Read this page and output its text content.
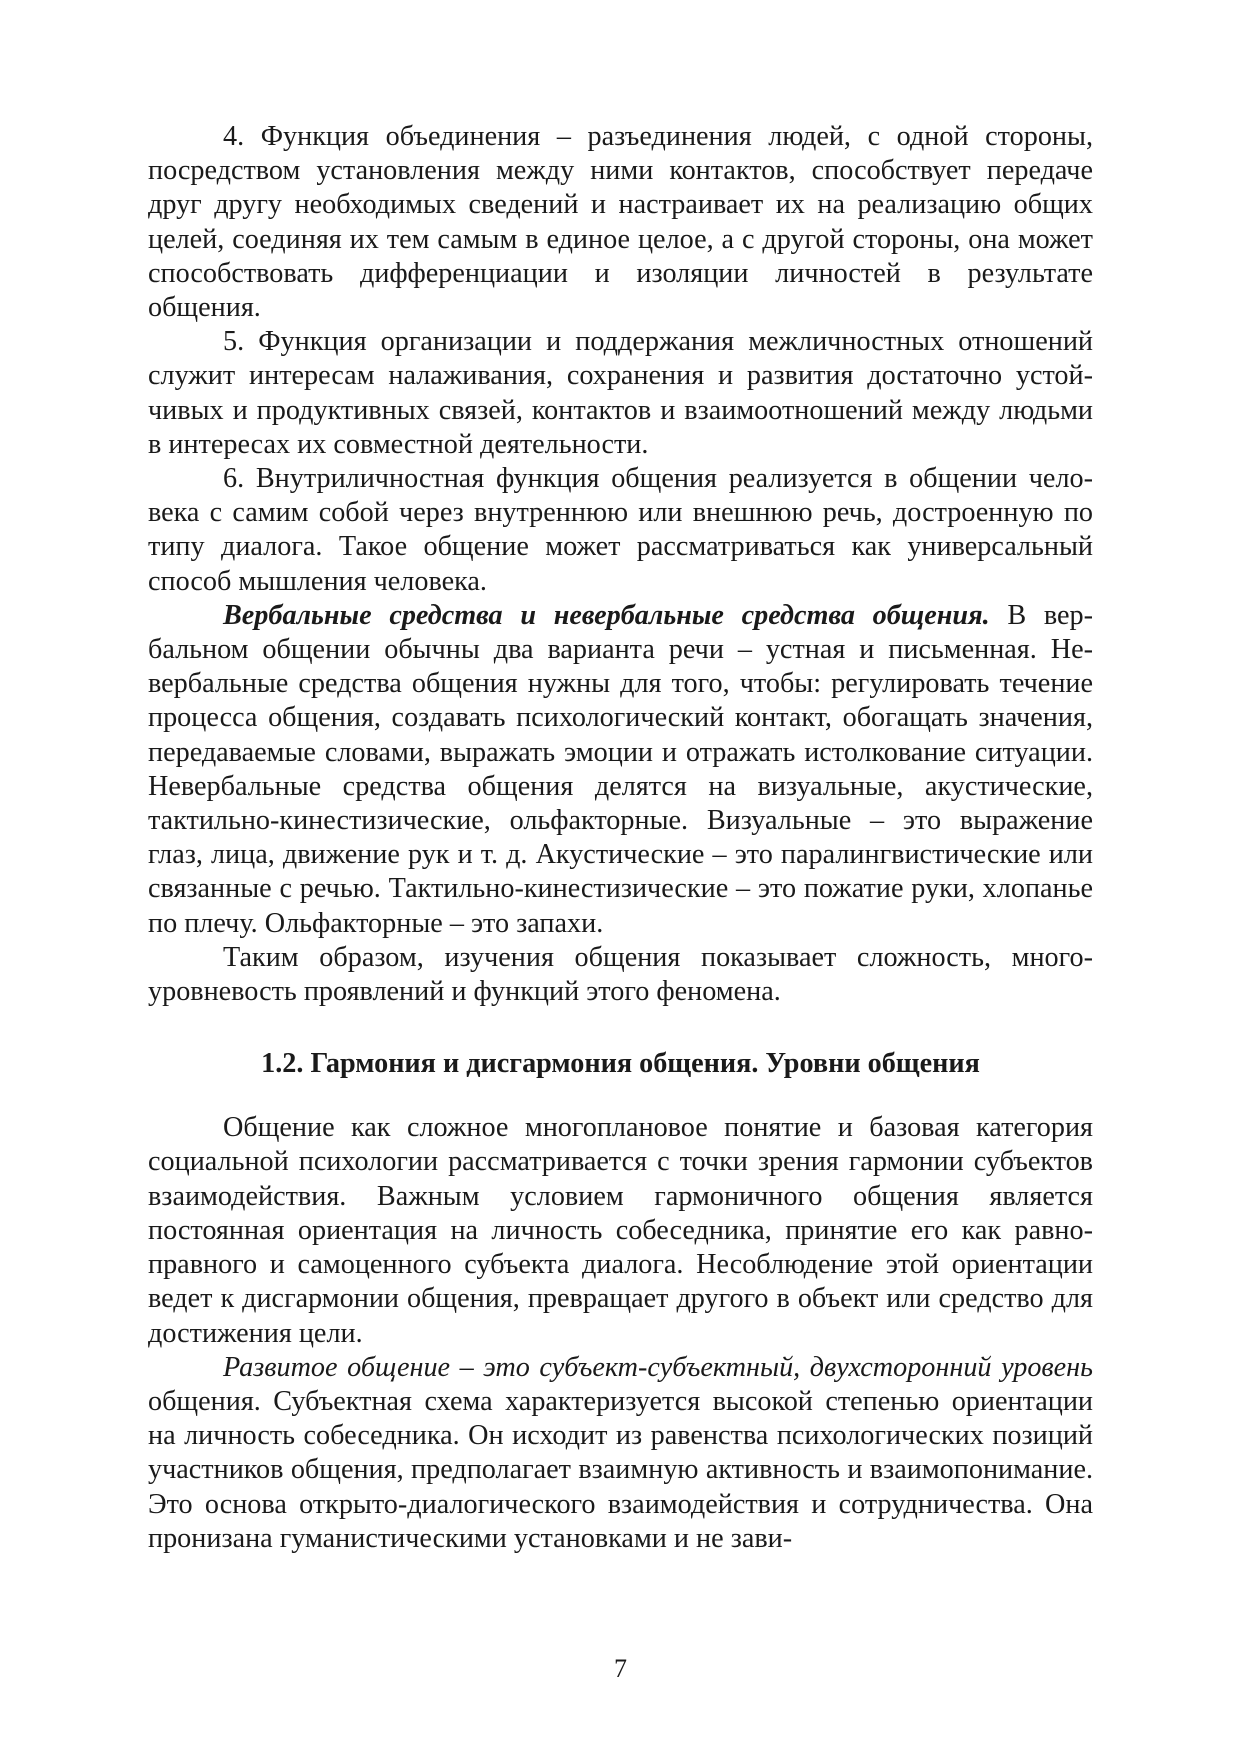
4. Функция объединения – разъединения людей, с одной стороны, посредством установления между ними контактов, способствует передаче друг другу необходимых сведений и настраивает их на реализацию общих целей, соединяя их тем самым в единое целое, а с другой стороны, она может способствовать дифференциации и изоляции личностей в результате общения.

5. Функция организации и поддержания межличностных отношений служит интересам налаживания, сохранения и развития достаточно устойчивых и продуктивных связей, контактов и взаимоотношений между людьми в интересах их совместной деятельности.

6. Внутриличностная функция общения реализуется в общении человека с самим собой через внутреннюю или внешнюю речь, достроенную по типу диалога. Такое общение может рассматриваться как универсальный способ мышления человека.

Вербальные средства и невербальные средства общения. В вербальном общении обычны два варианта речи – устная и письменная. Невербальные средства общения нужны для того, чтобы: регулировать течение процесса общения, создавать психологический контакт, обогащать значения, передаваемые словами, выражать эмоции и отражать истолкование ситуации. Невербальные средства общения делятся на визуальные, акустические, тактильно-кинестизические, ольфакторные. Визуальные – это выражение глаз, лица, движение рук и т. д. Акустические – это паралингвистические или связанные с речью. Тактильно-кинестизические – это пожатие руки, хлопанье по плечу. Ольфакторные – это запахи.

Таким образом, изучения общения показывает сложность, многоуровневость проявлений и функций этого феномена.

1.2. Гармония и дисгармония общения. Уровни общения

Общение как сложное многоплановое понятие и базовая категория социальной психологии рассматривается с точки зрения гармонии субъектов взаимодействия. Важным условием гармоничного общения является постоянная ориентация на личность собеседника, принятие его как равноправного и самоценного субъекта диалога. Несоблюдение этой ориентации ведет к дисгармонии общения, превращает другого в объект или средство для достижения цели.

Развитое общение – это субъект-субъектный, двухсторонний уровень общения. Субъектная схема характеризуется высокой степенью ориентации на личность собеседника. Он исходит из равенства психологических позиций участников общения, предполагает взаимную активность и взаимопонимание. Это основа открыто-диалогического взаимодействия и сотрудничества. Она пронизана гуманистическими установками и не зави-

7
